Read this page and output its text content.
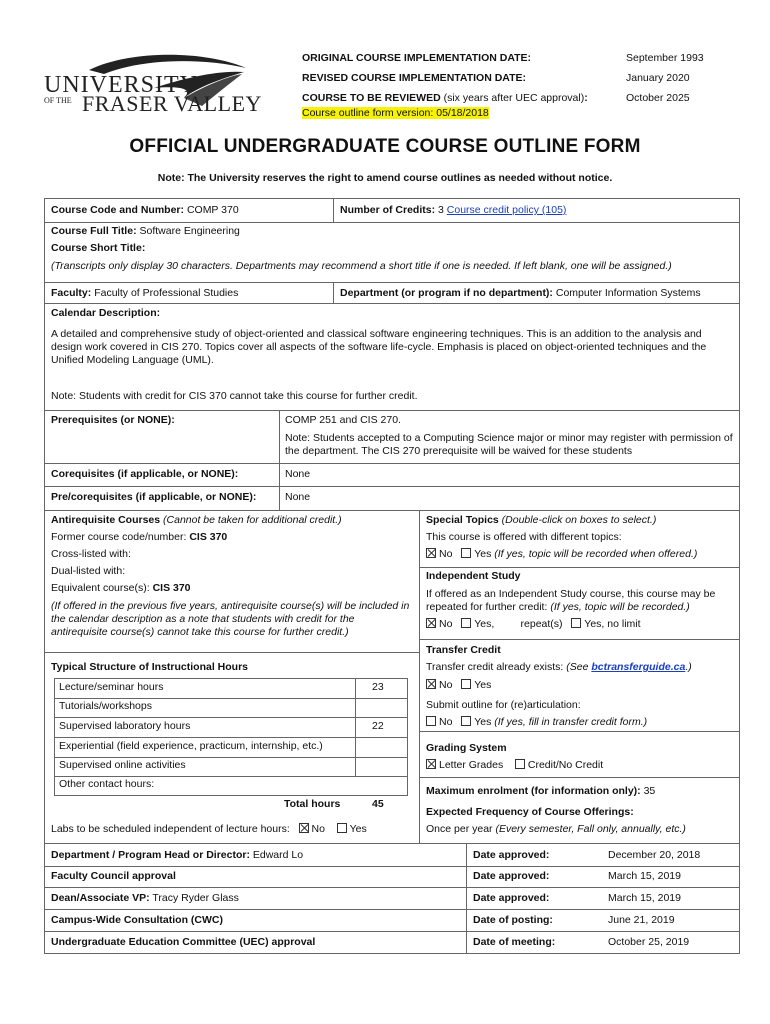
UNIVERSITY
OF THE FRASER VALLEY
ORIGINAL COURSE IMPLEMENTATION DATE:	September 1993
REVISED COURSE IMPLEMENTATION DATE:	January 2020
COURSE TO BE REVIEWED (six years after UEC approval):	October 2025
Course outline form version: 05/18/2018
OFFICIAL UNDERGRADUATE COURSE OUTLINE FORM
Note: The University reserves the right to amend course outlines as needed without notice.
Course Code and Number: COMP 370	Number of Credits: 3 Course credit policy (105)
Course Full Title: Software Engineering
Course Short Title:
(Transcripts only display 30 characters. Departments may recommend a short title if one is needed. If left blank, one will be assigned.)
Faculty: Faculty of Professional Studies	Department (or program if no department): Computer Information Systems
Calendar Description:
A detailed and comprehensive study of object-oriented and classical software engineering techniques. This is an addition to the analysis and design work covered in CIS 270. Topics cover all aspects of the software life-cycle. Emphasis is placed on object-oriented techniques and the Unified Modeling Language (UML).
Note: Students with credit for CIS 370 cannot take this course for further credit.
Prerequisites (or NONE):	COMP 251 and CIS 270.
Note: Students accepted to a Computing Science major or minor may register with permission of the department. The CIS 270 prerequisite will be waived for these students
Corequisites (if applicable, or NONE):	None
Pre/corequisites (if applicable, or NONE):	None
Antirequisite Courses (Cannot be taken for additional credit.)
Former course code/number: CIS 370
Cross-listed with:
Dual-listed with:
Equivalent course(s): CIS 370
(If offered in the previous five years, antirequisite course(s) will be included in the calendar description as a note that students with credit for the antirequisite course(s) cannot take this course for further credit.)
Special Topics (Double-click on boxes to select.)
This course is offered with different topics:
No Yes (If yes, topic will be recorded when offered.)
Independent Study
If offered as an Independent Study course, this course may be repeated for further credit: (If yes, topic will be recorded.)
No Yes,	repeat(s) Yes, no limit
Transfer Credit
Transfer credit already exists: (See bctransferguide.ca.)
No Yes
Submit outline for (re)articulation:
No Yes (If yes, fill in transfer credit form.)
Grading System
Letter Grades Credit/No Credit
Maximum enrolment (for information only): 35
Expected Frequency of Course Offerings:
Once per year (Every semester, Fall only, annually, etc.)
Typical Structure of Instructional Hours
Lecture/seminar hours	23
Tutorials/workshops
Supervised laboratory hours	22
Experiential (field experience, practicum, internship, etc.)
Supervised online activities
Other contact hours:
Total hours	45
Labs to be scheduled independent of lecture hours: No Yes
Department / Program Head or Director: Edward Lo	Date approved:	December 20, 2018
Faculty Council approval	Date approved:	March 15, 2019
Dean/Associate VP: Tracy Ryder Glass	Date approved:	March 15, 2019
Campus-Wide Consultation (CWC)	Date of posting:	June 21, 2019
Undergraduate Education Committee (UEC) approval	Date of meeting:	October 25, 2019
